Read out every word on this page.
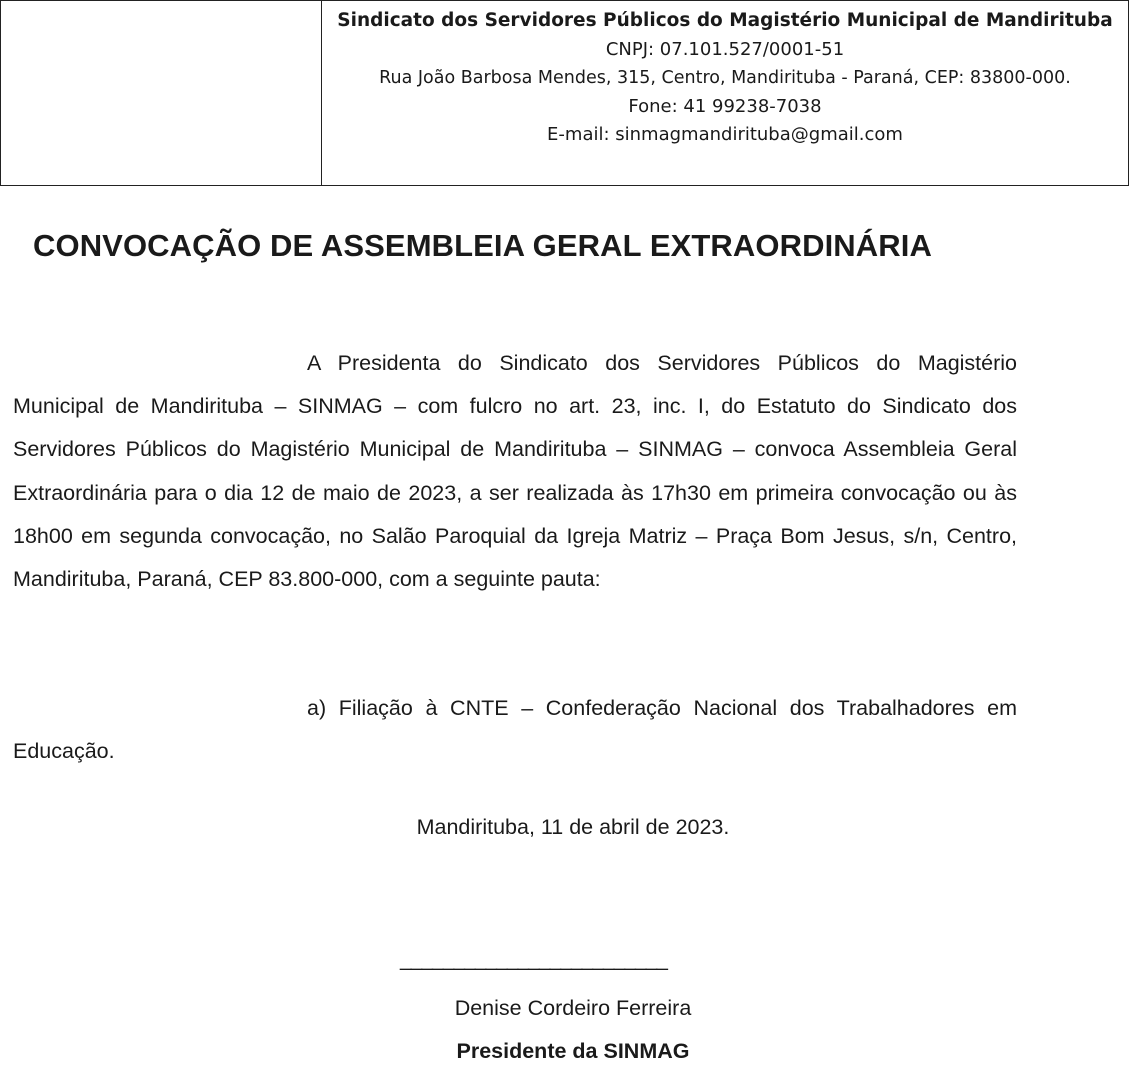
Sindicato dos Servidores Públicos do Magistério Municipal de Mandirituba
CNPJ: 07.101.527/0001-51
Rua João Barbosa Mendes, 315, Centro, Mandirituba - Paraná, CEP: 83800-000.
Fone: 41 99238-7038
E-mail: sinmagmandirituba@gmail.com
CONVOCAÇÃO DE ASSEMBLEIA GERAL EXTRAORDINÁRIA

A Presidenta do Sindicato dos Servidores Públicos do Magistério Municipal de Mandirituba – SINMAG – com fulcro no art. 23, inc. I, do Estatuto do Sindicato dos Servidores Públicos do Magistério Municipal de Mandirituba – SINMAG – convoca Assembleia Geral Extraordinária para o dia 12 de maio de 2023, a ser realizada às 17h30 em primeira convocação ou às 18h00 em segunda convocação, no Salão Paroquial da Igreja Matriz – Praça Bom Jesus, s/n, Centro, Mandirituba, Paraná, CEP 83.800-000, com a seguinte pauta:

a) Filiação à CNTE – Confederação Nacional dos Trabalhadores em Educação.

Mandirituba, 11 de abril de 2023.
_________________________
Denise Cordeiro Ferreira
Presidente da SINMAG
